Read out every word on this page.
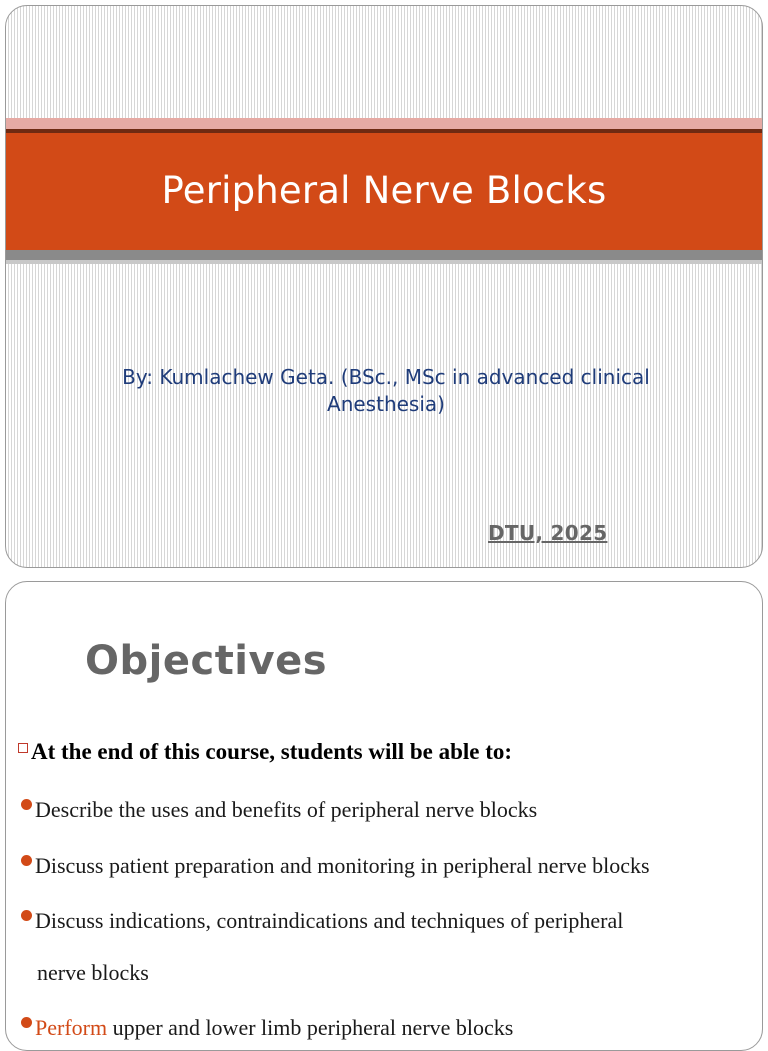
Peripheral Nerve Blocks
By: Kumlachew Geta. (BSc., MSc in advanced clinical
Anesthesia)
DTU, 2025
Objectives
At the end of this course, students will be able to:
Describe the uses and benefits of peripheral nerve blocks
Discuss patient preparation and monitoring in peripheral nerve blocks
Discuss indications, contraindications and techniques of peripheral
nerve blocks
Perform upper and lower limb peripheral nerve blocks
